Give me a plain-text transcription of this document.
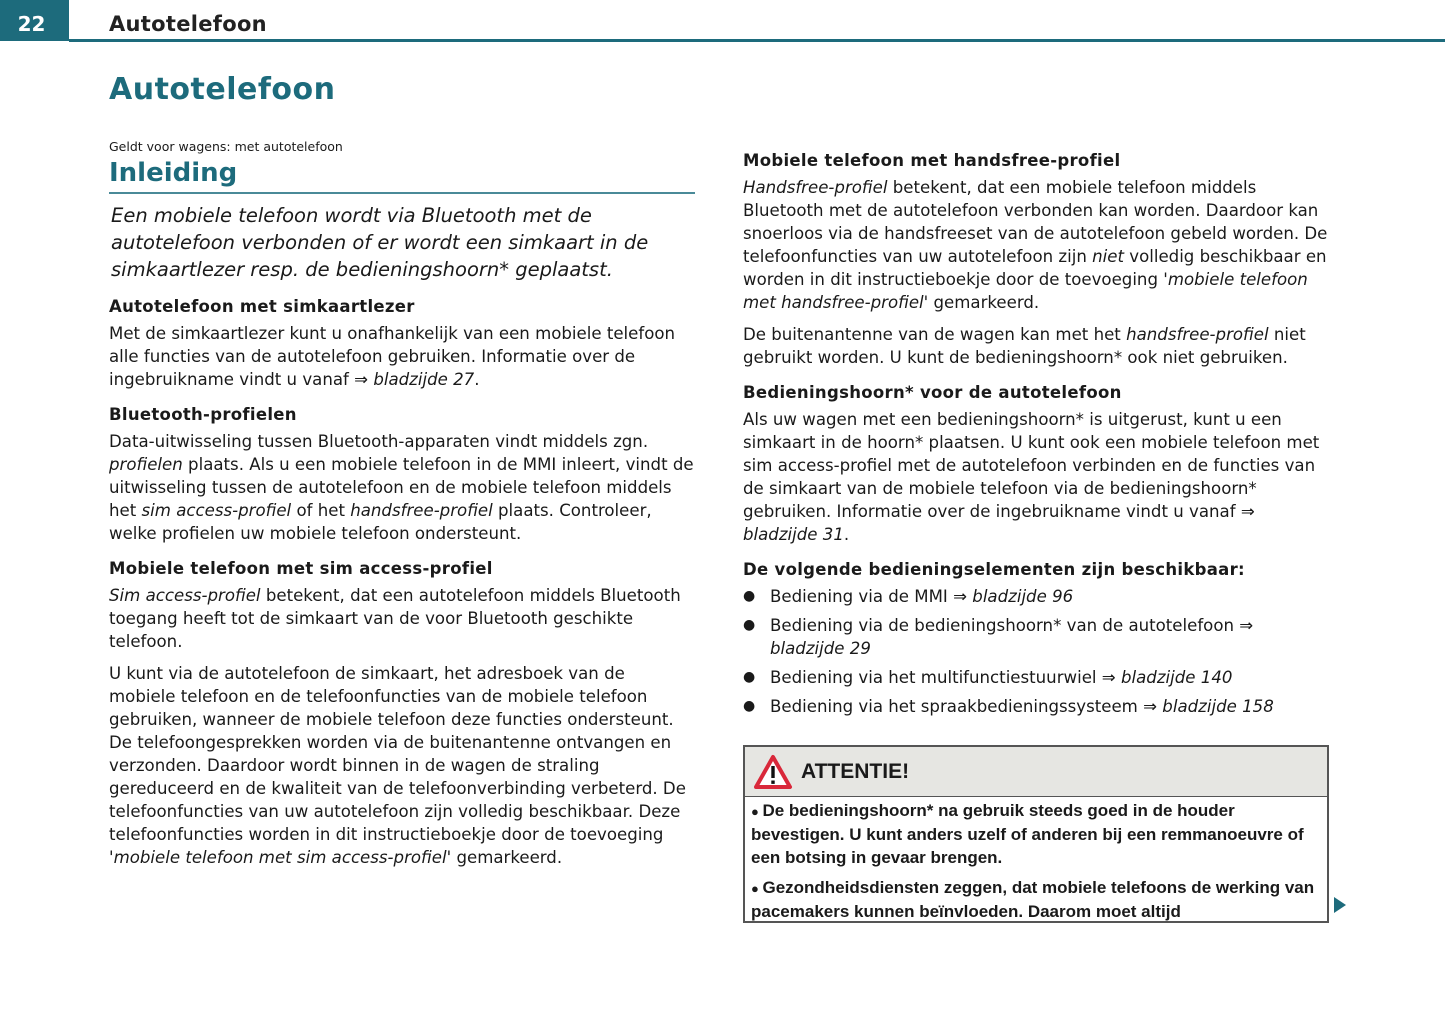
22	Autotelefoon
Autotelefoon

Geldt voor wagens: met autotelefoon

Inleiding

Een mobiele telefoon wordt via Bluetooth met de autotelefoon verbonden of er wordt een simkaart in de simkaartlezer resp. de bedieningshoorn* geplaatst.

Autotelefoon met simkaartlezer

Met de simkaartlezer kunt u onafhankelijk van een mobiele telefoon alle functies van de autotelefoon gebruiken. Informatie over de ingebruikname vindt u vanaf ⇒ bladzijde 27.

Bluetooth-profielen

Data-uitwisseling tussen Bluetooth-apparaten vindt middels zgn. profielen plaats. Als u een mobiele telefoon in de MMI inleert, vindt de uitwisseling tussen de autotelefoon en de mobiele telefoon middels het sim access-profiel of het handsfree-profiel plaats. Controleer, welke profielen uw mobiele telefoon ondersteunt.

Mobiele telefoon met sim access-profiel

Sim access-profiel betekent, dat een autotelefoon middels Bluetooth toegang heeft tot de simkaart van de voor Bluetooth geschikte telefoon.

U kunt via de autotelefoon de simkaart, het adresboek van de mobiele telefoon en de telefoonfuncties van de mobiele telefoon gebruiken, wanneer de mobiele telefoon deze functies ondersteunt. De telefoongesprekken worden via de buitenantenne ontvangen en verzonden. Daardoor wordt binnen in de wagen de straling gereduceerd en de kwaliteit van de telefoonverbinding verbeterd. De telefoonfuncties van uw autotelefoon zijn volledig beschikbaar. Deze telefoonfuncties worden in dit instructieboekje door de toevoeging 'mobiele telefoon met sim access-profiel' gemarkeerd.

Mobiele telefoon met handsfree-profiel

Handsfree-profiel betekent, dat een mobiele telefoon middels Bluetooth met de autotelefoon verbonden kan worden. Daardoor kan snoerloos via de handsfreeset van de autotelefoon gebeld worden. De telefoonfuncties van uw autotelefoon zijn niet volledig beschikbaar en worden in dit instructieboekje door de toevoeging 'mobiele telefoon met handsfree-profiel' gemarkeerd.

De buitenantenne van de wagen kan met het handsfree-profiel niet gebruikt worden. U kunt de bedieningshoorn* ook niet gebruiken.

Bedieningshoorn* voor de autotelefoon

Als uw wagen met een bedieningshoorn* is uitgerust, kunt u een simkaart in de hoorn* plaatsen. U kunt ook een mobiele telefoon met sim access-profiel met de autotelefoon verbinden en de functies van de simkaart van de mobiele telefoon via de bedieningshoorn* gebruiken. Informatie over de ingebruikname vindt u vanaf ⇒ bladzijde 31.

De volgende bedieningselementen zijn beschikbaar:
● Bediening via de MMI ⇒ bladzijde 96
● Bediening via de bedieningshoorn* van de autotelefoon ⇒ bladzijde 29
● Bediening via het multifunctiestuurwiel ⇒ bladzijde 140
● Bediening via het spraakbedieningssysteem ⇒ bladzijde 158
ATTENTIE!

● De bedieningshoorn* na gebruik steeds goed in de houder bevestigen. U kunt anders uzelf of anderen bij een remmanoeuvre of een botsing in gevaar brengen.

● Gezondheidsdiensten zeggen, dat mobiele telefoons de werking van pacemakers kunnen beïnvloeden. Daarom moet altijd
